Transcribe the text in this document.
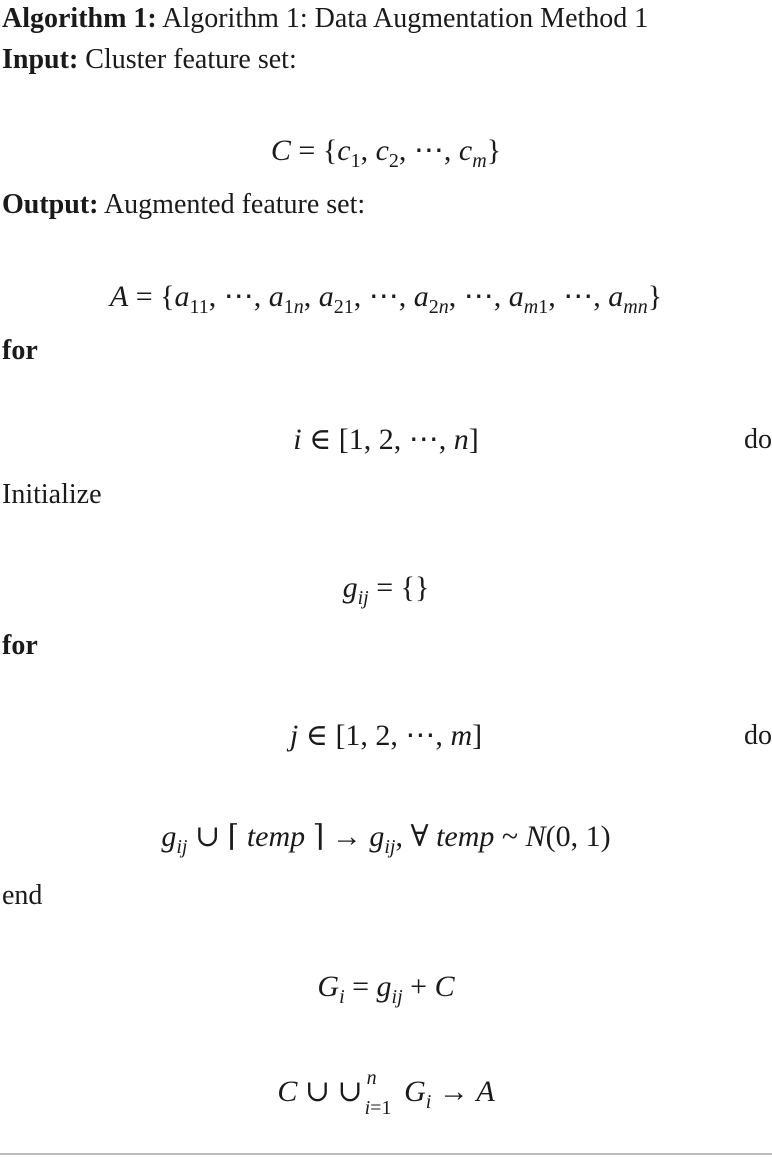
Algorithm 1: Algorithm 1: Data Augmentation Method 1
Input: Cluster feature set:
$C = \{c_1$, $c_2$, ⋯, $c_m$}
Output: Augmented feature set:
$A = \{a_{11}$, ⋯, $a_{1n}$, $a_{21}$, ⋯, $a_{2n}$, ⋯, $a_{m1}$, ⋯, $a_{mn}$}
for
i ∈ [1, 2, ⋯, n]	do
Initialize
$g_{ij}$ = {}
for
j ∈ [1, 2, ⋯, m]	do
$g_{ij}$ ∪ ⌈ temp ⌉ → $g_{ij}$, ∀ temp ~ N(0, 1)
end
$G_i = g_{ij} + C$
C ∪ ∪ n
i=1 $G_i \to A$
